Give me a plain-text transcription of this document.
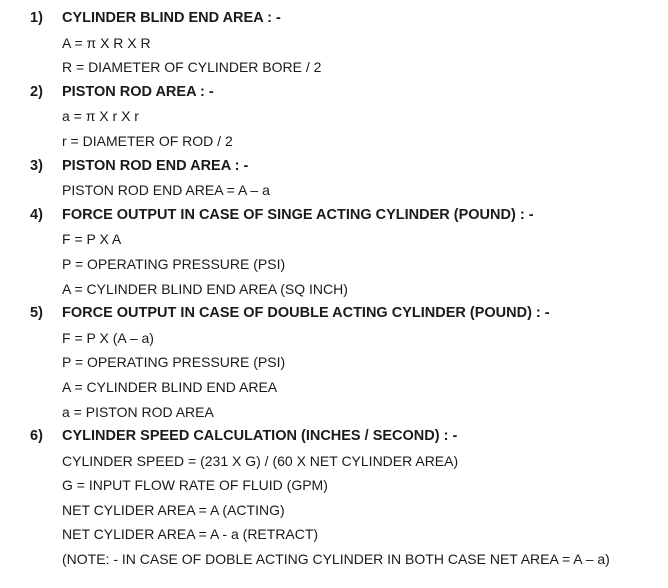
1) CYLINDER BLIND END AREA : -
A = π X R X R
R = DIAMETER OF CYLINDER BORE / 2
2) PISTON ROD AREA : -
a = π X r X r
r = DIAMETER OF ROD / 2
3) PISTON ROD END AREA : -
PISTON ROD END AREA = A – a
4) FORCE OUTPUT IN CASE OF SINGE ACTING CYLINDER (POUND) : -
F = P X A
P = OPERATING PRESSURE (PSI)
A = CYLINDER BLIND END AREA (SQ INCH)
5) FORCE OUTPUT IN CASE OF DOUBLE ACTING CYLINDER (POUND) : -
F = P X (A – a)
P = OPERATING PRESSURE (PSI)
A = CYLINDER BLIND END AREA
a = PISTON ROD AREA
6) CYLINDER SPEED CALCULATION (INCHES / SECOND) : -
CYLINDER SPEED = (231 X G) / (60 X NET CYLINDER AREA)
G = INPUT FLOW RATE OF FLUID (GPM)
NET CYLIDER AREA = A (ACTING)
NET CYLIDER AREA = A - a (RETRACT)
(NOTE: - IN CASE OF DOBLE ACTING CYLINDER IN BOTH CASE NET AREA = A – a)
